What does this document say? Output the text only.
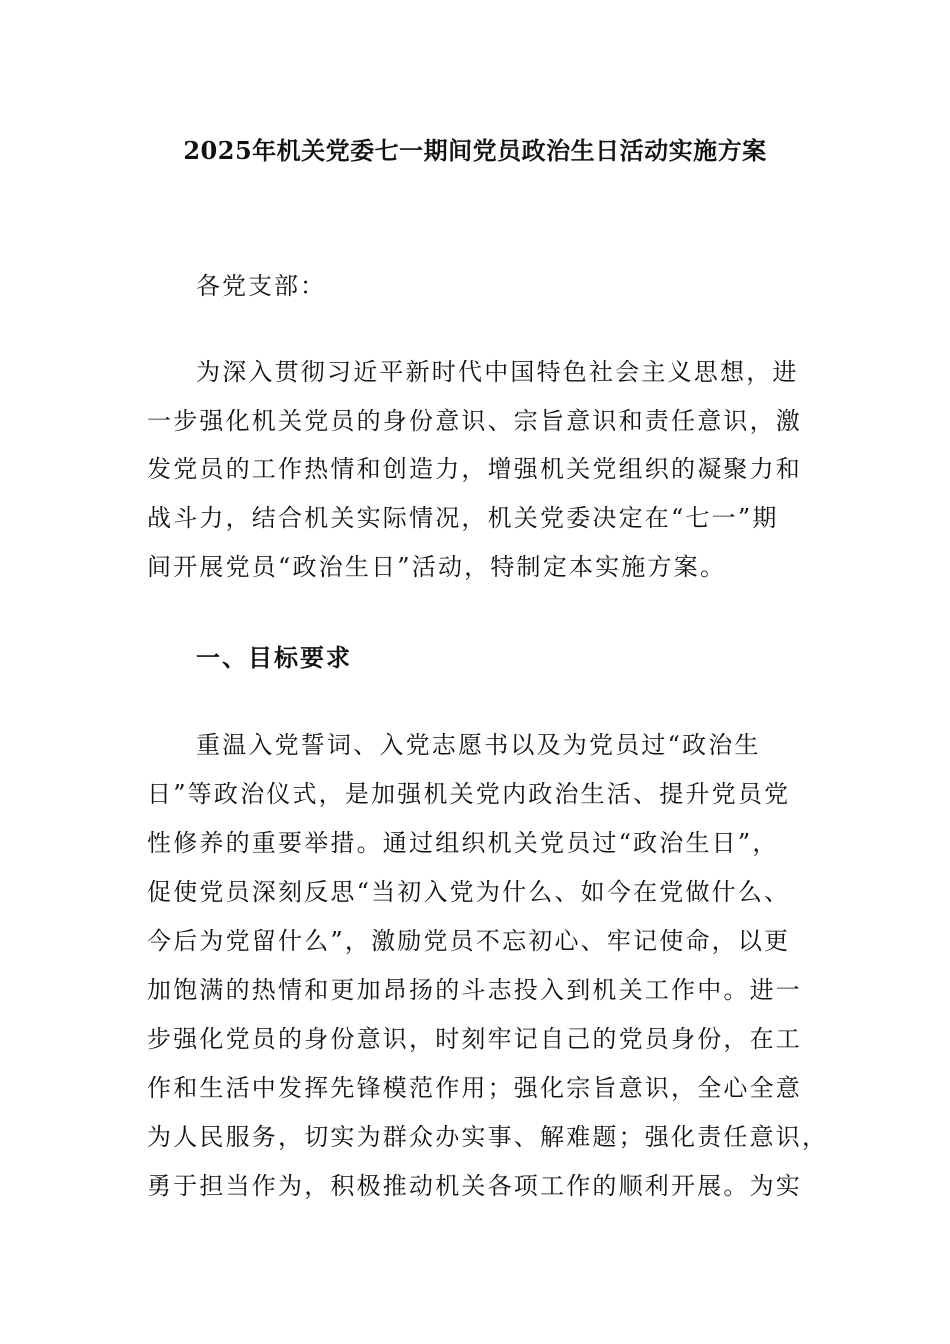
2025年机关党委七一期间党员政治生日活动实施方案
各党支部：
为深入贯彻习近平新时代中国特色社会主义思想，进
一步强化机关党员的身份意识、宗旨意识和责任意识，激
发党员的工作热情和创造力，增强机关党组织的凝聚力和
战斗力，结合机关实际情况，机关党委决定在“七一”期
间开展党员“政治生日”活动，特制定本实施方案。
一、目标要求
重温入党誓词、入党志愿书以及为党员过“政治生
日”等政治仪式，是加强机关党内政治生活、提升党员党
性修养的重要举措。通过组织机关党员过“政治生日”，
促使党员深刻反思“当初入党为什么、如今在党做什么、
今后为党留什么”，激励党员不忘初心、牢记使命，以更
加饱满的热情和更加昂扬的斗志投入到机关工作中。进一
步强化党员的身份意识，时刻牢记自己的党员身份，在工
作和生活中发挥先锋模范作用；强化宗旨意识，全心全意
为人民服务，切实为群众办实事、解难题；强化责任意识，
勇于担当作为，积极推动机关各项工作的顺利开展。为实
